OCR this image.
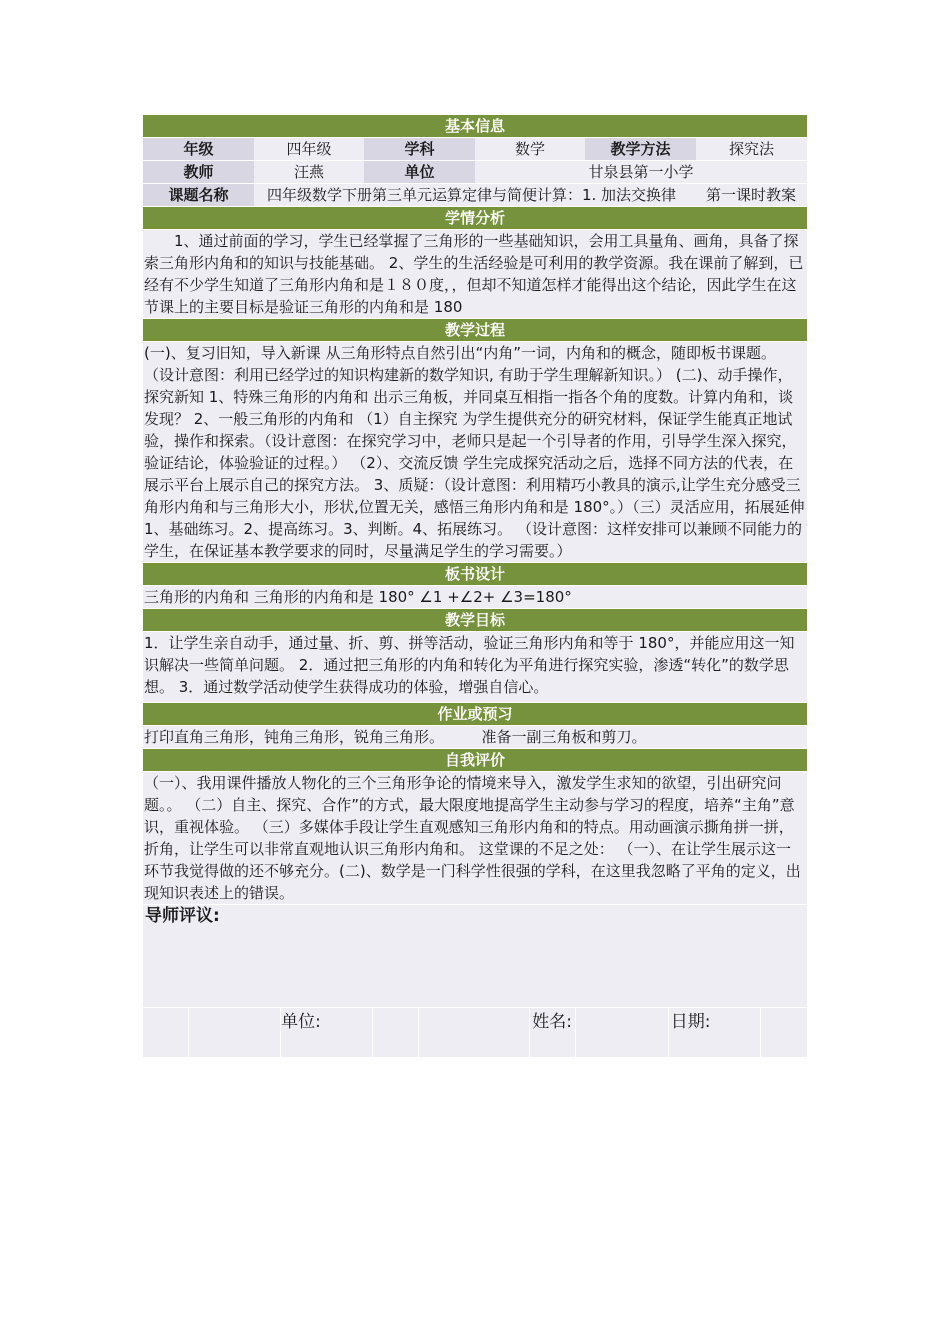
基本信息
年级	四年级	学科	数学	教学方法	探究法
教师	汪燕	单位	甘泉县第一小学
课题名称	四年级数学下册第三单元运算定律与简便计算：1. 加法交换律　　第一课时教案
学情分析

1、通过前面的学习，学生已经掌握了三角形的一些基础知识，会用工具量角、画角，具备了探索三角形内角和的知识与技能基础。 2、学生的生活经验是可利用的教学资源。我在课前了解到，已经有不少学生知道了三角形内角和是１８０度，，但却不知道怎样才能得出这个结论，因此学生在这节课上的主要目标是验证三角形的内角和是 180

教学过程

(一)、复习旧知，导入新课 从三角形特点自然引出“内角”一词，内角和的概念，随即板书课题。 （设计意图：利用已经学过的知识构建新的数学知识, 有助于学生理解新知识。） (二)、动手操作，探究新知 1、特殊三角形的内角和 出示三角板，并同桌互相指一指各个角的度数。计算内角和，谈发现？ 2、一般三角形的内角和 （1）自主探究 为学生提供充分的研究材料，保证学生能真正地试验，操作和探索。（设计意图：在探究学习中，老师只是起一个引导者的作用，引导学生深入探究，验证结论，体验验证的过程。） （2）、交流反馈 学生完成探究活动之后，选择不同方法的代表，在展示平台上展示自己的探究方法。 3、质疑：（设计意图：利用精巧小教具的演示,让学生充分感受三角形内角和与三角形大小，形状,位置无关，感悟三角形内角和是 180°。）（三）灵活应用，拓展延伸 1、基础练习。2、提高练习。3、判断。4、拓展练习。 （设计意图：这样安排可以兼顾不同能力的学生，在保证基本教学要求的同时，尽量满足学生的学习需要。）

板书设计

三角形的内角和 三角形的内角和是 180° ∠1 +∠2+ ∠3=180°

教学目标

1．让学生亲自动手，通过量、折、剪、拼等活动，验证三角形内角和等于 180°，并能应用这一知识解决一些简单问题。 2．通过把三角形的内角和转化为平角进行探究实验，渗透“转化”的数学思想。 3．通过数学活动使学生获得成功的体验，增强自信心。

作业或预习

打印直角三角形，钝角三角形，锐角三角形。　　　准备一副三角板和剪刀。

自我评价

（一）、我用课件播放人物化的三个三角形争论的情境来导入，激发学生求知的欲望，引出研究问题。。 （二）自主、探究、合作”的方式，最大限度地提高学生主动参与学习的程度，培养“主角”意识，重视体验。 （三）多媒体手段让学生直观感知三角形内角和的特点。用动画演示撕角拼一拼，折角，让学生可以非常直观地认识三角形内角和。 这堂课的不足之处： （一）、在让学生展示这一环节我觉得做的还不够充分。(二)、数学是一门科学性很强的学科，在这里我忽略了平角的定义，出现知识表述上的错误。

导师评议:
单位:	姓名:	日期:
